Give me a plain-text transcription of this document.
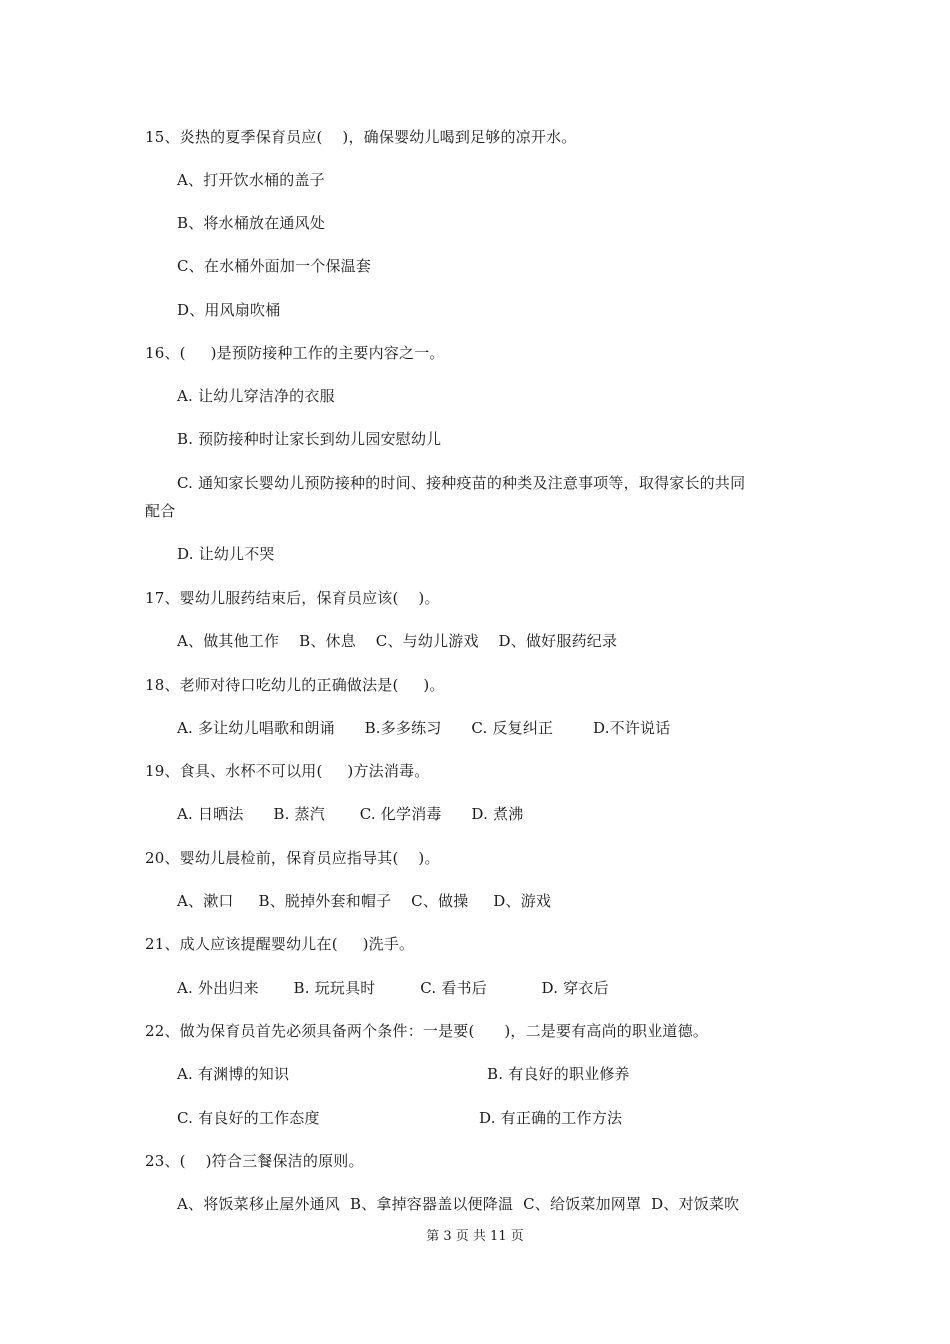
15、炎热的夏季保育员应(    )，确保婴幼儿喝到足够的凉开水。
A、打开饮水桶的盖子
B、将水桶放在通风处
C、在水桶外面加一个保温套
D、用风扇吹桶
16、(     )是预防接种工作的主要内容之一。
A. 让幼儿穿洁净的衣服
B. 预防接种时让家长到幼儿园安慰幼儿
C. 通知家长婴幼儿预防接种的时间、接种疫苗的种类及注意事项等，取得家长的共同
配合
D. 让幼儿不哭
17、婴幼儿服药结束后，保育员应该(    )。
A、做其他工作    B、休息    C、与幼儿游戏    D、做好服药纪录
18、老师对待口吃幼儿的正确做法是(     )。
A. 多让幼儿唱歌和朗诵      B.多多练习      C. 反复纠正        D.不许说话
19、食具、水杯不可以用(     )方法消毒。
A. 日晒法      B. 蒸汽       C. 化学消毒      D. 煮沸
20、婴幼儿晨检前，保育员应指导其(    )。
A、漱口     B、脱掉外套和帽子    C、做操     D、游戏
21、成人应该提醒婴幼儿在(     )洗手。
A. 外出归来       B. 玩玩具时         C. 看书后           D. 穿衣后
22、做为保育员首先必须具备两个条件：一是要(      )，二是要有高尚的职业道德。
A. 有渊博的知识	B. 有良好的职业修养
C. 有良好的工作态度	D. 有正确的工作方法
23、(    )符合三餐保洁的原则。
A、将饭菜移止屋外通风  B、拿掉容器盖以便降温  C、给饭菜加网罩  D、对饭菜吹
第 3 页 共 11 页
